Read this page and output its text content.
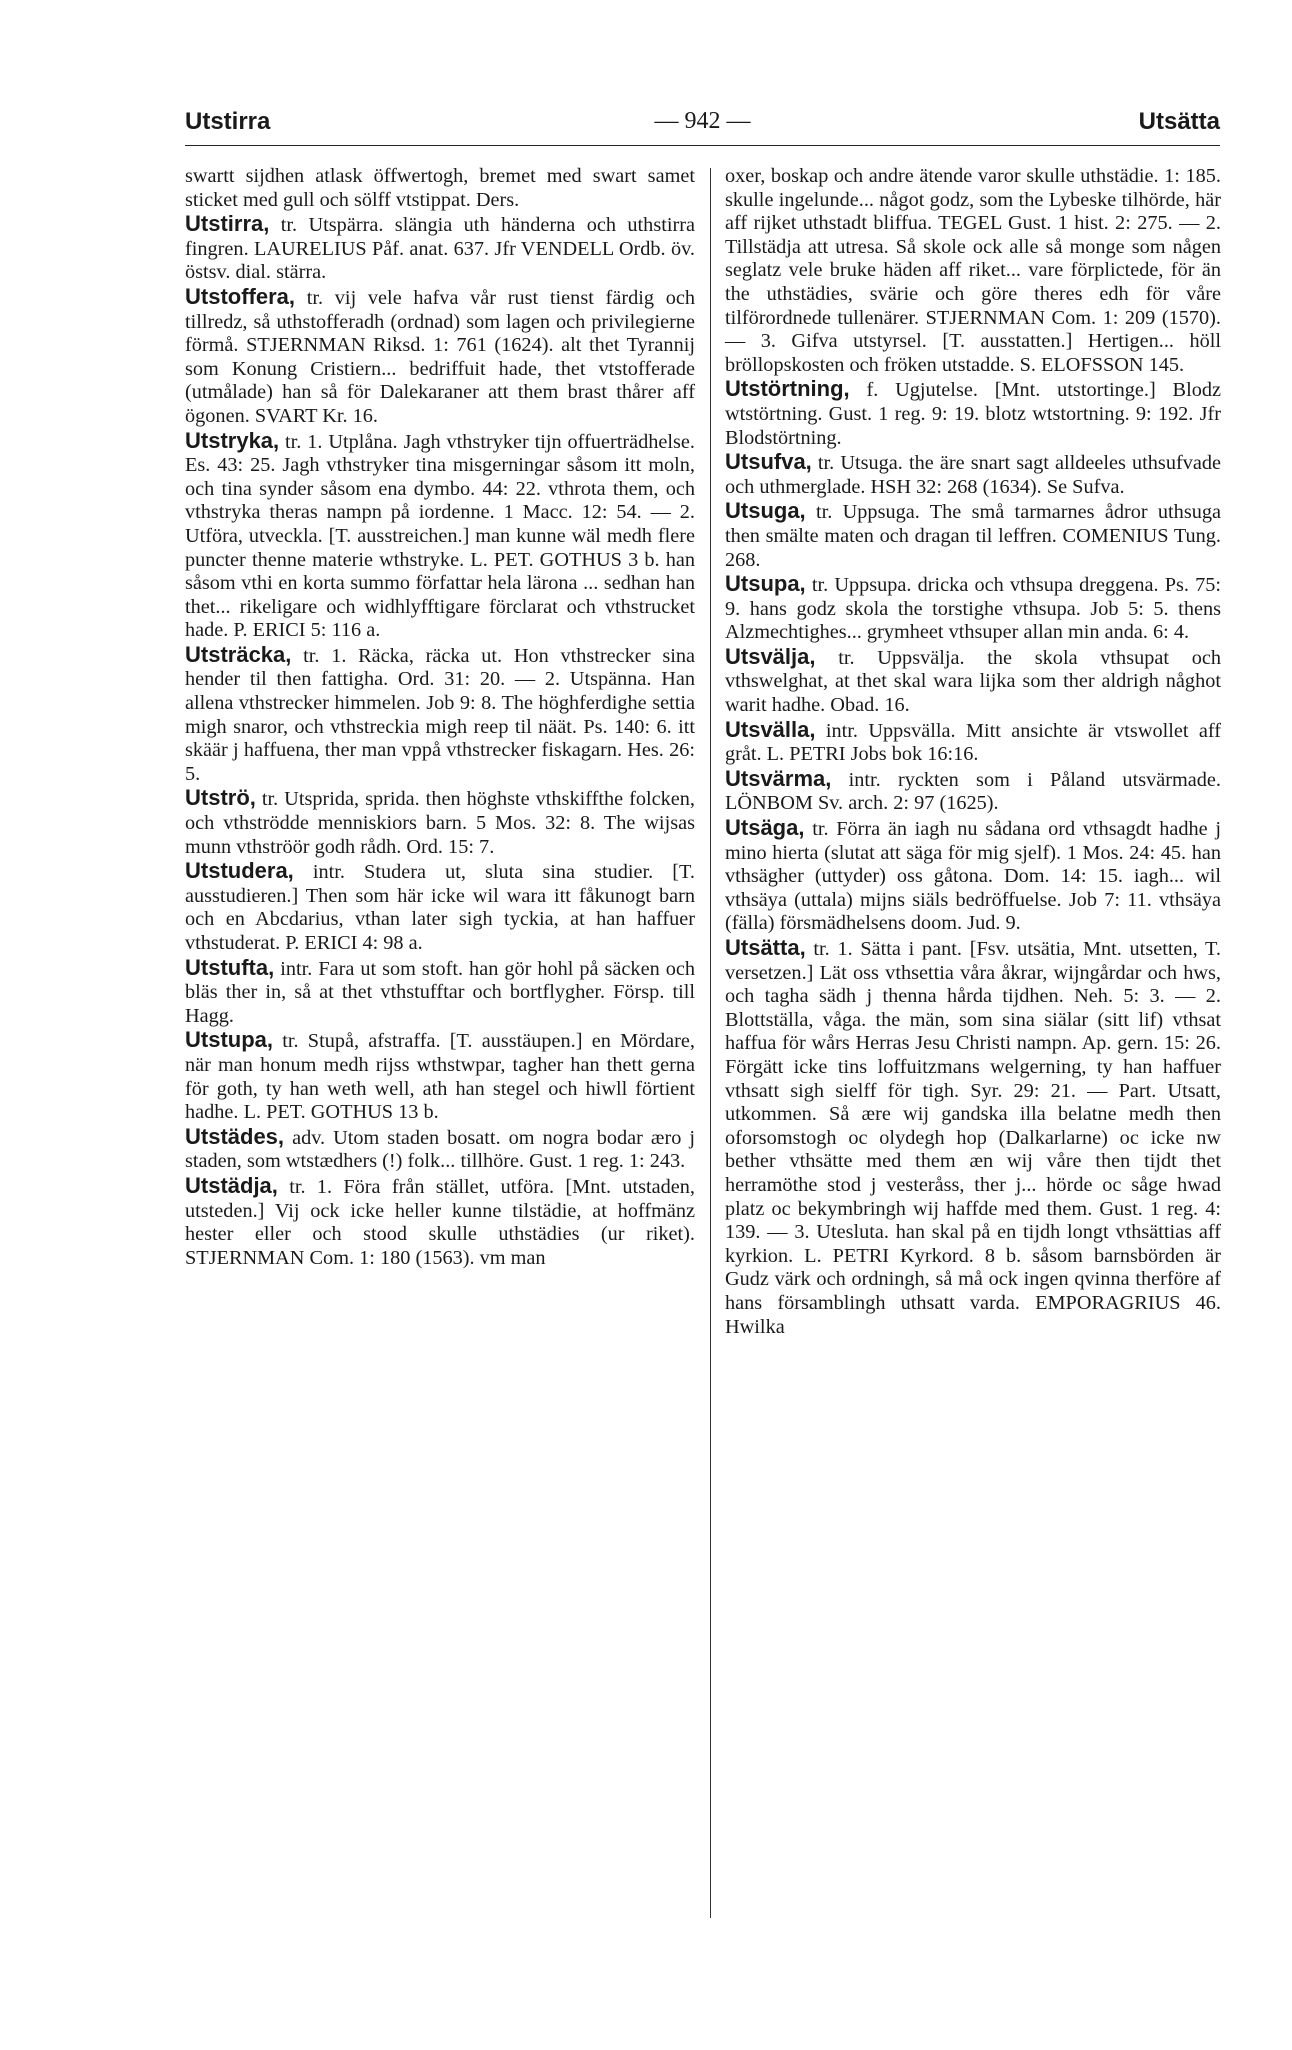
Utstirra	— 942 —	Utsätta

swartt sijdhen atlask öffwertogh, bremet med swart samet sticket med gull och sölff vtstippat. Ders.

Utstirra, tr. Utspärra. slängia uth händerna och uthstirra fingren. LAURELIUS Påf. anat. 637. Jfr VENDELL Ordb. öv. östsv. dial. stärra.

Utstoffera, tr. vij vele hafva vår rust tienst färdig och tillredz, så uthstofferadh (ordnad) som lagen och privilegierne förmå. STJERNMAN Riksd. 1: 761 (1624). alt thet Tyrannij som Konung Cristiern... bedriffuit hade, thet vtstofferade (utmålade) han så för Dalekaraner att them brast thårer aff ögonen. SVART Kr. 16.

Utstryka, tr. 1. Utplåna. Jagh vthstryker tijn offuerträdhelse. Es. 43: 25. Jagh vthstryker tina misgerningar såsom itt moln, och tina synder såsom ena dymbo. 44: 22. vthrota them, och vthstryka theras nampn på iordenne. 1 Macc. 12: 54. — 2. Utföra, utveckla. [T. ausstreichen.] man kunne wäl medh flere puncter thenne materie wthstryke. L. PET. GOTHUS 3 b. han såsom vthi en korta summo författar hela lärona ... sedhan han thet... rikeligare och widhlyfftigare förclarat och vthstrucket hade. P. ERICI 5: 116 a.

Utsträcka, tr. 1. Räcka, räcka ut. Hon vthstrecker sina hender til then fattigha. Ord. 31: 20. — 2. Utspänna. Han allena vthstrecker himmelen. Job 9: 8. The höghferdighe settia migh snaror, och vthstreckia migh reep til näät. Ps. 140: 6. itt skäär j haffuena, ther man vppå vthstrecker fiskagarn. Hes. 26: 5.

Utströ, tr. Utsprida, sprida. then höghste vthskiffthe folcken, och vthströdde menniskiors barn. 5 Mos. 32: 8. The wijsas munn vthströör godh rådh. Ord. 15: 7.

Utstudera, intr. Studera ut, sluta sina studier. [T. ausstudieren.] Then som här icke wil wara itt fåkunogt barn och en Abcdarius, vthan later sigh tyckia, at han haffuer vthstuderat. P. ERICI 4: 98 a.

Utstufta, intr. Fara ut som stoft. han gör hohl på säcken och bläs ther in, så at thet vthstufftar och bortflygher. Försp. till Hagg.

Utstupa, tr. Stupå, afstraffa. [T. ausstäupen.] en Mördare, när man honum medh rijss wthstwpar, tagher han thett gerna för goth, ty han weth well, ath han stegel och hiwll förtient hadhe. L. PET. GOTHUS 13 b.

Utstädes, adv. Utom staden bosatt. om nogra bodar æro j staden, som wtstædhers (!) folk... tillhöre. Gust. 1 reg. 1: 243.

Utstädja, tr. 1. Föra från stället, utföra. [Mnt. utstaden, utsteden.] Vij ock icke heller kunne tilstädie, at hoffmänz hester eller och stood skulle uthstädies (ur riket). STJERNMAN Com. 1: 180 (1563). vm man

oxer, boskap och andre ätende varor skulle uthstädie. 1: 185. skulle ingelunde... något godz, som the Lybeske tilhörde, här aff rijket uthstadt bliffua. TEGEL Gust. 1 hist. 2: 275. — 2. Tillstädja att utresa. Så skole ock alle så monge som någen seglatz vele bruke häden aff riket... vare förplictede, för än the uthstädies, svärie och göre theres edh för våre tilförordnede tullenärer. STJERNMAN Com. 1: 209 (1570). — 3. Gifva utstyrsel. [T. ausstatten.] Hertigen... höll bröllopskosten och fröken utstadde. S. ELOFSSON 145.

Utstörtning, f. Ugjutelse. [Mnt. utstortinge.] Blodz wtstörtning. Gust. 1 reg. 9: 19. blotz wtstortning. 9: 192. Jfr Blodstörtning.

Utsufva, tr. Utsuga. the äre snart sagt alldeeles uthsufvade och uthmerglade. HSH 32: 268 (1634). Se Sufva.

Utsuga, tr. Uppsuga. The små tarmarnes ådror uthsuga then smälte maten och dragan til leffren. COMENIUS Tung. 268.

Utsupa, tr. Uppsupa. dricka och vthsupa dreggena. Ps. 75: 9. hans godz skola the torstighe vthsupa. Job 5: 5. thens Alzmechtighes... grymheet vthsuper allan min anda. 6: 4.

Utsvälja, tr. Uppsvälja. the skola vthsupat och vthswelghat, at thet skal wara lijka som ther aldrigh någhot warit hadhe. Obad. 16.

Utsvälla, intr. Uppsvälla. Mitt ansichte är vtswollet aff gråt. L. PETRI Jobs bok 16:16.

Utsvärma, intr. ryckten som i Påland utsvärmade. LÖNBOM Sv. arch. 2: 97 (1625).

Utsäga, tr. Förra än iagh nu sådana ord vthsagdt hadhe j mino hierta (slutat att säga för mig sjelf). 1 Mos. 24: 45. han vthsägher (uttyder) oss gåtona. Dom. 14: 15. iagh... wil vthsäya (uttala) mijns siäls bedröffuelse. Job 7: 11. vthsäya (fälla) försmädhelsens doom. Jud. 9.

Utsätta, tr. 1. Sätta i pant. [Fsv. utsätia, Mnt. utsetten, T. versetzen.] Lät oss vthsettia våra åkrar, wijngårdar och hws, och tagha sädh j thenna hårda tijdhen. Neh. 5: 3. — 2. Blottställa, våga. the män, som sina siälar (sitt lif) vthsat haffua för wårs Herras Jesu Christi nampn. Ap. gern. 15: 26. Förgätt icke tins loffuitzmans welgerning, ty han haffuer vthsatt sigh sielff för tigh. Syr. 29: 21. — Part. Utsatt, utkommen. Så ære wij gandska illa belatne medh then oforsomstogh oc olydegh hop (Dalkarlarne) oc icke nw bether vthsätte med them æn wij våre then tijdt thet herramöthe stod j vesteråss, ther j... hörde oc såge hwad platz oc bekymbringh wij haffde med them. Gust. 1 reg. 4: 139. — 3. Utesluta. han skal på en tijdh longt vthsättias aff kyrkion. L. PETRI Kyrkord. 8 b. såsom barnsbörden är Gudz värk och ordningh, så må ock ingen qvinna therföre af hans församblingh uthsatt varda. EMPORAGRIUS 46. Hwilka
